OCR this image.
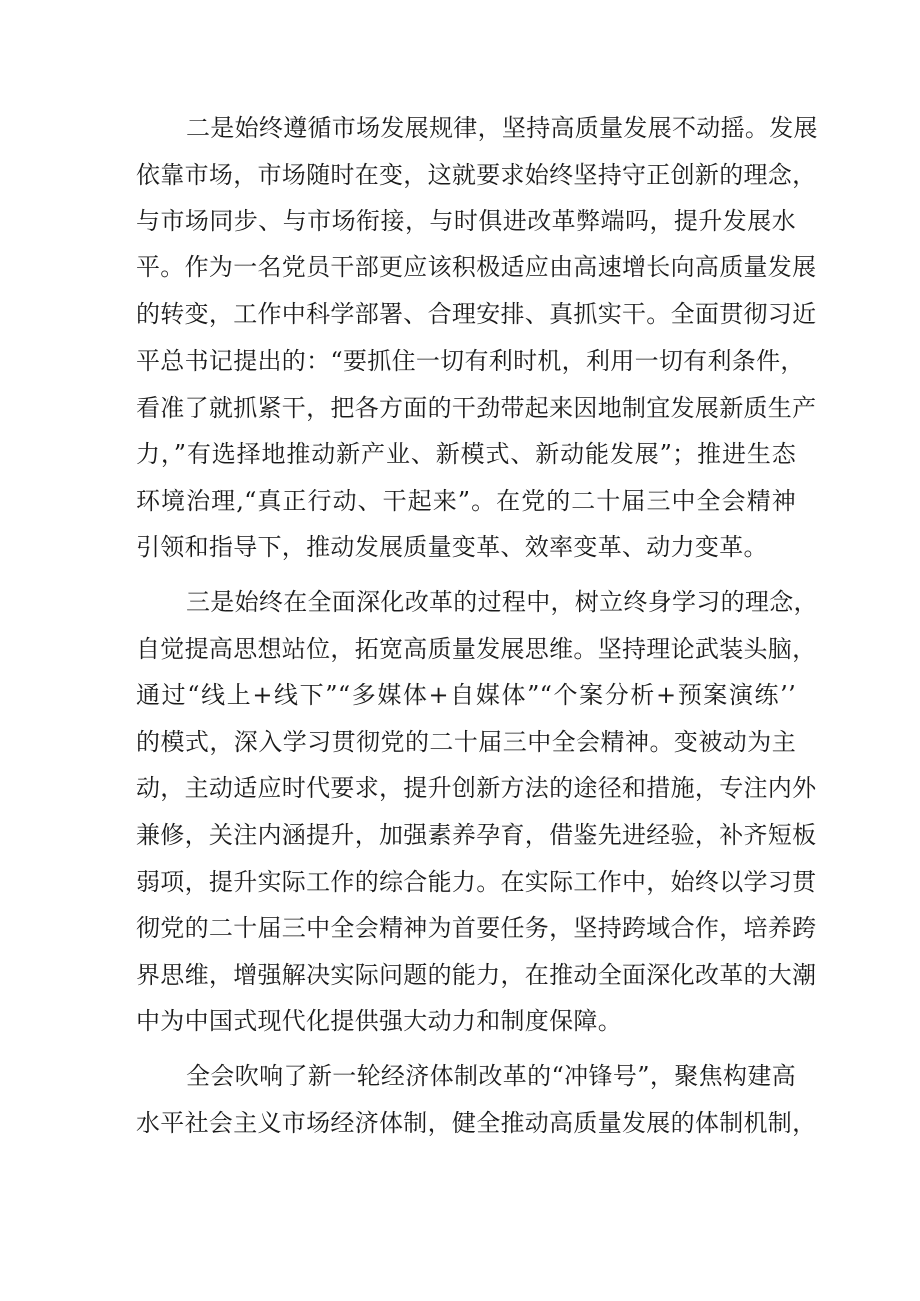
二是始终遵循市场发展规律，坚持高质量发展不动摇。发展

依靠市场，市场随时在变，这就要求始终坚持守正创新的理念，

与市场同步、与市场衔接，与时俱进改革弊端吗，提升发展水

平。作为一名党员干部更应该积极适应由高速增长向高质量发展

的转变，工作中科学部署、合理安排、真抓实干。全面贯彻习近

平总书记提出的：“要抓住一切有利时机，利用一切有利条件，

看准了就抓紧干，把各方面的干劲带起来因地制宜发展新质生产

力，”有选择地推动新产业、新模式、新动能发展”；推进生态

环境治理,“真正行动、干起来”。在党的二十届三中全会精神

引领和指导下，推动发展质量变革、效率变革、动力变革。

三是始终在全面深化改革的过程中，树立终身学习的理念，

自觉提高思想站位，拓宽高质量发展思维。坚持理论武装头脑，

通过“线上+线下”“多媒体+自媒体”“个案分析+预案演练’’

的模式，深入学习贯彻党的二十届三中全会精神。变被动为主

动，主动适应时代要求，提升创新方法的途径和措施，专注内外

兼修，关注内涵提升，加强素养孕育，借鉴先进经验，补齐短板

弱项，提升实际工作的综合能力。在实际工作中，始终以学习贯

彻党的二十届三中全会精神为首要任务，坚持跨域合作，培养跨

界思维，增强解决实际问题的能力，在推动全面深化改革的大潮

中为中国式现代化提供强大动力和制度保障。

全会吹响了新一轮经济体制改革的“冲锋号”，聚焦构建高

水平社会主义市场经济体制，健全推动高质量发展的体制机制，
